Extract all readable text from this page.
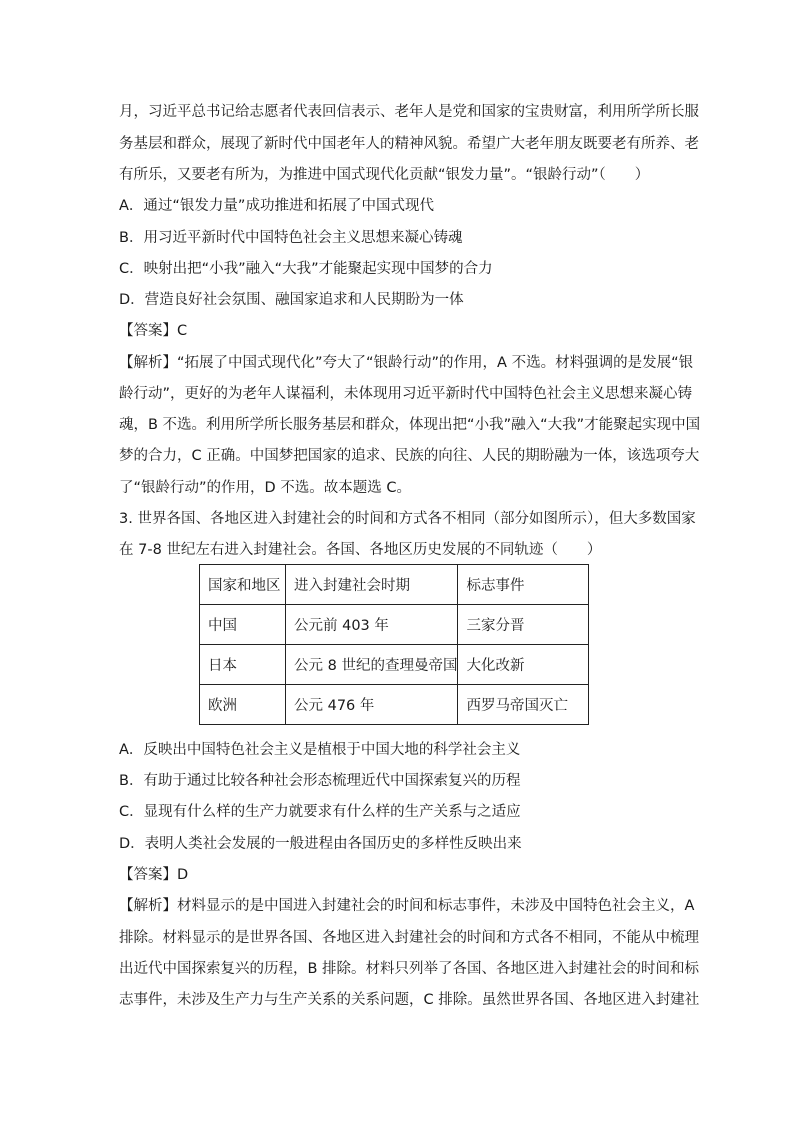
月，习近平总书记给志愿者代表回信表示、老年人是党和国家的宝贵财富，利用所学所长服
务基层和群众，展现了新时代中国老年人的精神风貌。希望广大老年朋友既要老有所养、老
有所乐，又要老有所为，为推进中国式现代化贡献“银发力量”。“银龄行动”（　　）
A．通过“银发力量”成功推进和拓展了中国式现代
B．用习近平新时代中国特色社会主义思想来凝心铸魂
C．映射出把“小我”融入“大我”才能聚起实现中国梦的合力
D．营造良好社会氛围、融国家追求和人民期盼为一体
【答案】C
【解析】“拓展了中国式现代化”夸大了“银龄行动”的作用，A 不选。材料强调的是发展“银
龄行动”，更好的为老年人谋福利，未体现用习近平新时代中国特色社会主义思想来凝心铸
魂，B 不选。利用所学所长服务基层和群众，体现出把“小我”融入“大我”才能聚起实现中国
梦的合力，C 正确。中国梦把国家的追求、民族的向往、人民的期盼融为一体，该选项夸大
了“银龄行动”的作用，D 不选。故本题选 C。
3. 世界各国、各地区进入封建社会的时间和方式各不相同（部分如图所示），但大多数国家
在 7-8 世纪左右进入封建社会。各国、各地区历史发展的不同轨迹（　　）
国家和地区	进入封建社会时期	标志事件
中国	公元前 403 年	三家分晋
日本	公元 8 世纪的查理曼帝国	大化改新
欧洲	公元 476 年	西罗马帝国灭亡
A．反映出中国特色社会主义是植根于中国大地的科学社会主义
B．有助于通过比较各种社会形态梳理近代中国探索复兴的历程
C．显现有什么样的生产力就要求有什么样的生产关系与之适应
D．表明人类社会发展的一般进程由各国历史的多样性反映出来
【答案】D
【解析】材料显示的是中国进入封建社会的时间和标志事件，未涉及中国特色社会主义，A
排除。材料显示的是世界各国、各地区进入封建社会的时间和方式各不相同，不能从中梳理
出近代中国探索复兴的历程，B 排除。材料只列举了各国、各地区进入封建社会的时间和标
志事件，未涉及生产力与生产关系的关系问题，C 排除。虽然世界各国、各地区进入封建社
